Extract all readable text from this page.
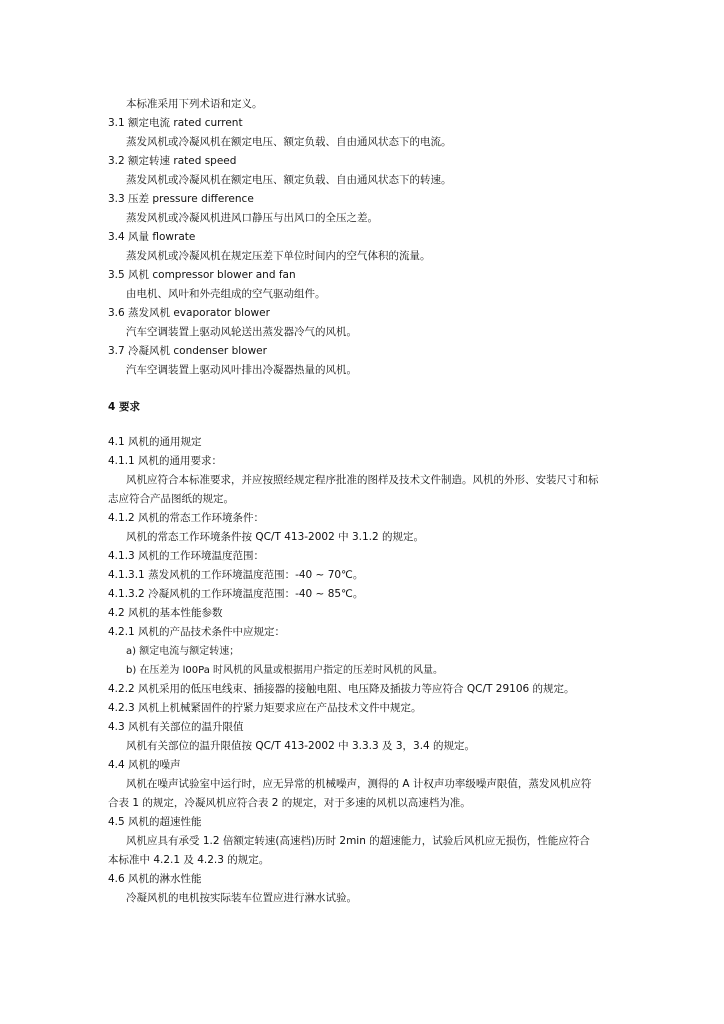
本标准采用下列术语和定义。
3.1 额定电流 rated current
蒸发风机或冷凝风机在额定电压、额定负载、自由通风状态下的电流。
3.2 额定转速 rated speed
蒸发风机或冷凝风机在额定电压、额定负载、自由通风状态下的转速。
3.3 压差 pressure difference
蒸发风机或冷凝风机进风口静压与出风口的全压之差。
3.4 风量 flowrate
蒸发风机或冷凝风机在规定压差下单位时间内的空气体积的流量。
3.5 风机 compressor blower and fan
由电机、风叶和外壳组成的空气驱动组件。
3.6 蒸发风机 evaporator blower
汽车空调装置上驱动风轮送出蒸发器冷气的风机。
3.7 冷凝风机 condenser blower
汽车空调装置上驱动风叶排出冷凝器热量的风机。
4 要求
4.1 风机的通用规定
4.1.1 风机的通用要求：
风机应符合本标准要求，并应按照经规定程序批准的图样及技术文件制造。风机的外形、安装尺寸和标
志应符合产品图纸的规定。
4.1.2 风机的常态工作环境条件：
风机的常态工作环境条件按 QC/T 413-2002 中 3.1.2 的规定。
4.1.3 风机的工作环境温度范围：
4.1.3.1 蒸发风机的工作环境温度范围：-40 ~ 70℃。
4.1.3.2 冷凝风机的工作环境温度范围：-40 ~ 85℃。
4.2 风机的基本性能参数
4.2.1 风机的产品技术条件中应规定：
a) 额定电流与额定转速；
b) 在压差为 l00Pa 时风机的风量或根据用户指定的压差时风机的风量。
4.2.2 风机采用的低压电线束、插接器的接触电阻、电压降及插拔力等应符合 QC/T 29106 的规定。
4.2.3 风机上机械紧固件的拧紧力矩要求应在产品技术文件中规定。
4.3 风机有关部位的温升限值
风机有关部位的温升限值按 QC/T 413-2002 中 3.3.3 及 3，3.4 的规定。
4.4 风机的噪声
风机在噪声试验室中运行时，应无异常的机械噪声，测得的 A 计权声功率级噪声限值，蒸发风机应符
合表 1 的规定，冷凝风机应符合表 2 的规定，对于多速的风机以高速档为准。
4.5 风机的超速性能
风机应具有承受 1.2 倍额定转速(高速档)历时 2min 的超速能力，试验后风机应无损伤，性能应符合
本标准中 4.2.1 及 4.2.3 的规定。
4.6 风机的淋水性能
冷凝风机的电机按实际装车位置应进行淋水试验。
